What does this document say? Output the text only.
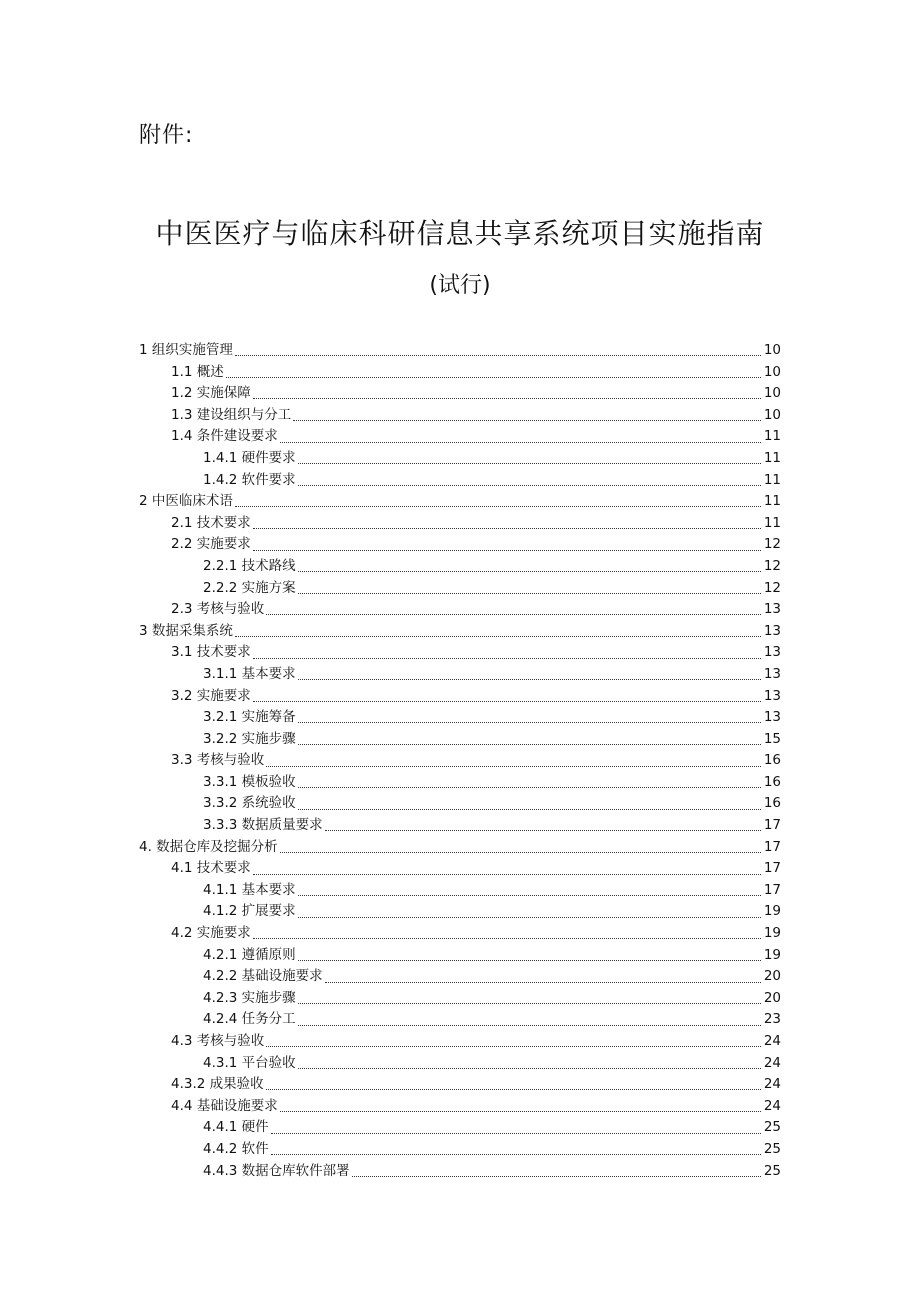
附件:
中医医疗与临床科研信息共享系统项目实施指南
(试行)
1 组织实施管理	10
1.1 概述	10
1.2 实施保障	10
1.3 建设组织与分工	10
1.4 条件建设要求	11
1.4.1 硬件要求	11
1.4.2 软件要求	11
2 中医临床术语	11
2.1 技术要求	11
2.2 实施要求	12
2.2.1 技术路线	12
2.2.2 实施方案	12
2.3 考核与验收	13
3 数据采集系统	13
3.1 技术要求	13
3.1.1 基本要求	13
3.2 实施要求	13
3.2.1 实施筹备	13
3.2.2 实施步骤	15
3.3 考核与验收	16
3.3.1 模板验收	16
3.3.2 系统验收	16
3.3.3 数据质量要求	17
4. 数据仓库及挖掘分析	17
4.1 技术要求	17
4.1.1 基本要求	17
4.1.2 扩展要求	19
4.2 实施要求	19
4.2.1 遵循原则	19
4.2.2 基础设施要求	20
4.2.3 实施步骤	20
4.2.4 任务分工	23
4.3 考核与验收	24
4.3.1 平台验收	24
4.3.2 成果验收	24
4.4 基础设施要求	24
4.4.1 硬件	25
4.4.2 软件	25
4.4.3 数据仓库软件部署	25
